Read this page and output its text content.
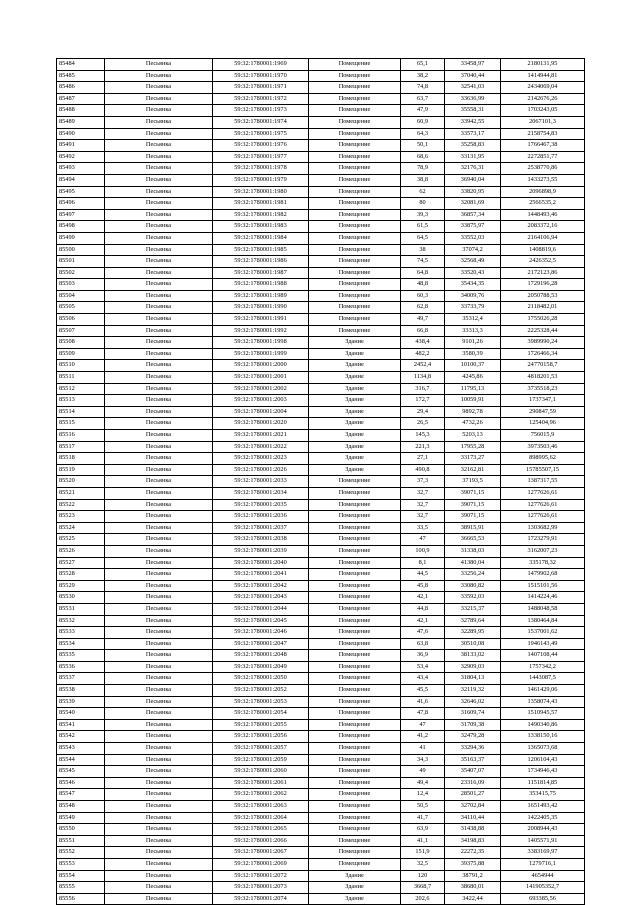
85484	Песьянка	59:32:1780001:1969	Помещение	65,1	33458,97	2180131,95
85485	Песьянка	59:32:1780001:1970	Помещение	38,2	37040,44	1414944,81
85486	Песьянка	59:32:1780001:1971	Помещение	74,8	32541,03	2434069,04
85487	Песьянка	59:32:1780001:1972	Помещение	63,7	33636,99	2142676,26
85488	Песьянка	59:32:1780001:1973	Помещение	47,9	35558,31	1703243,05
85489	Песьянка	59:32:1780001:1974	Помещение	60,9	33942,55	2067101,3
85490	Песьянка	59:32:1780001:1975	Помещение	64,3	33573,17	2158754,83
85491	Песьянка	59:32:1780001:1976	Помещение	50,1	35258,83	1766467,38
85492	Песьянка	59:32:1780001:1977	Помещение	68,6	33131,95	2272851,77
85493	Песьянка	59:32:1780001:1978	Помещение	78,9	32176,31	2538770,86
85494	Песьянка	59:32:1780001:1979	Помещение	38,8	36940,04	1433273,55
85495	Песьянка	59:32:1780001:1980	Помещение	62	33820,95	2096898,9
85496	Песьянка	59:32:1780001:1981	Помещение	80	32081,69	2566535,2
85497	Песьянка	59:32:1780001:1982	Помещение	39,3	36857,34	1448493,46
85498	Песьянка	59:32:1780001:1983	Помещение	61,5	33875,97	2083372,16
85499	Песьянка	59:32:1780001:1984	Помещение	64,5	33552,03	2164106,94
85500	Песьянка	59:32:1780001:1985	Помещение	38	37074,2	1408819,6
85501	Песьянка	59:32:1780001:1986	Помещение	74,5	32568,49	2426352,5
85502	Песьянка	59:32:1780001:1987	Помещение	64,8	33520,43	2172123,86
85503	Песьянка	59:32:1780001:1988	Помещение	48,8	35434,35	1729196,28
85504	Песьянка	59:32:1780001:1989	Помещение	60,3	34009,76	2050788,53
85505	Песьянка	59:32:1780001:1990	Помещение	62,8	33733,79	2118482,01
85506	Песьянка	59:32:1780001:1991	Помещение	49,7	35312,4	1755026,28
85507	Песьянка	59:32:1780001:1992	Помещение	66,8	33313,3	2225328,44
85508	Песьянка	59:32:1780001:1998	Здание	438,4	9101,26	3989990,24
85509	Песьянка	59:32:1780001:1999	Здание	482,2	3580,39	1726466,34
85510	Песьянка	59:32:1780001:2000	Здание	2452,4	10100,37	24770158,7
85511	Песьянка	59:32:1780001:2001	Здание	1134,8	4245,86	4818201,53
85512	Песьянка	59:32:1780001:2002	Здание	316,7	11795,13	3735518,23
85513	Песьянка	59:32:1780001:2003	Здание	172,7	10059,91	1737347,1
85514	Песьянка	59:32:1780001:2004	Здание	29,4	9892,78	290847,59
85515	Песьянка	59:32:1780001:2020	Здание	26,5	4732,26	125404,96
85516	Песьянка	59:32:1780001:2021	Здание	145,3	5203,13	756015,9
85517	Песьянка	59:32:1780001:2022	Здание	221,3	17955,28	3973503,46
85518	Песьянка	59:32:1780001:2023	Здание	27,1	33173,27	898995,62
85519	Песьянка	59:32:1780001:2026	Здание	490,8	32162,81	15785507,15
85520	Песьянка	59:32:1780001:2033	Помещение	37,3	37193,5	1387317,55
85521	Песьянка	59:32:1780001:2034	Помещение	32,7	39071,15	1277626,61
85522	Песьянка	59:32:1780001:2035	Помещение	32,7	39071,15	1277626,61
85523	Песьянка	59:32:1780001:2036	Помещение	32,7	39071,15	1277626,61
85524	Песьянка	59:32:1780001:2037	Помещение	33,5	38915,91	1303682,99
85525	Песьянка	59:32:1780001:2038	Помещение	47	36665,53	1723279,91
85526	Песьянка	59:32:1780001:2039	Помещение	100,9	31338,03	3162007,23
85527	Песьянка	59:32:1780001:2040	Помещение	8,1	41380,04	335178,32
85528	Песьянка	59:32:1780001:2041	Помещение	44,5	33256,24	1479902,68
85529	Песьянка	59:32:1780001:2042	Помещение	45,8	33080,82	1515101,56
85530	Песьянка	59:32:1780001:2043	Помещение	42,1	33592,03	1414224,46
85531	Песьянка	59:32:1780001:2044	Помещение	44,8	33215,37	1488048,58
85532	Песьянка	59:32:1780001:2045	Помещение	42,1	32789,64	1380464,84
85533	Песьянка	59:32:1780001:2046	Помещение	47,6	32289,95	1537001,62
85534	Песьянка	59:32:1780001:2047	Помещение	63,8	30510,08	1946143,49
85535	Песьянка	59:32:1780001:2048	Помещение	36,9	38133,02	1407108,44
85536	Песьянка	59:32:1780001:2049	Помещение	53,4	32909,03	1757342,2
85537	Песьянка	59:32:1780001:2050	Помещение	43,4	31804,13	1443087,5
85538	Песьянка	59:32:1780001:2052	Помещение	45,5	32119,32	1461429,06
85539	Песьянка	59:32:1780001:2053	Помещение	41,6	32646,02	1358074,43
85540	Песьянка	59:32:1780001:2054	Помещение	47,8	31609,74	1510945,57
85541	Песьянка	59:32:1780001:2055	Помещение	47	31709,38	1490340,86
85542	Песьянка	59:32:1780001:2056	Помещение	41,2	32479,28	1338150,16
85543	Песьянка	59:32:1780001:2057	Помещение	41	33294,36	1365073,68
85544	Песьянка	59:32:1780001:2059	Помещение	34,3	35163,37	1206104,43
85545	Песьянка	59:32:1780001:2060	Помещение	49	35407,07	1734946,43
85546	Песьянка	59:32:1780001:2061	Помещение	49,4	23316,09	1151814,85
85547	Песьянка	59:32:1780001:2062	Помещение	12,4	28501,27	353415,75
85548	Песьянка	59:32:1780001:2063	Помещение	50,5	32702,84	1651493,42
85549	Песьянка	59:32:1780001:2064	Помещение	41,7	34110,44	1422405,35
85550	Песьянка	59:32:1780001:2065	Помещение	63,9	31438,88	2008944,43
85551	Песьянка	59:32:1780001:2066	Помещение	41,1	34198,83	1405571,91
85552	Песьянка	59:32:1780001:2067	Помещение	151,9	22272,35	3383169,97
85553	Песьянка	59:32:1780001:2069	Помещение	32,5	39375,88	1279716,1
85554	Песьянка	59:32:1780001:2072	Здание	120	38791,2	4654944
85555	Песьянка	59:32:1780001:2073	Здание	3668,7	38680,01	141905352,7
85556	Песьянка	59:32:1780001:2074	Здание	202,6	3422,44	693385,56
